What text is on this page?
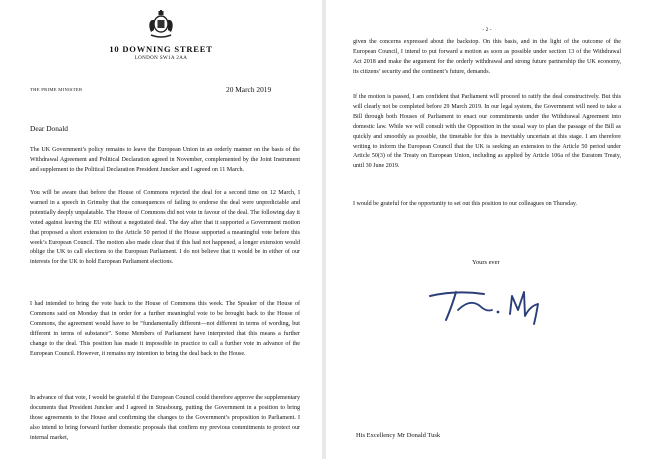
10 DOWNING STREET
LONDON SW1A 2AA
THE PRIME MINISTER	20 March 2019
Dear Donald

The UK Government’s policy remains to leave the European Union in an orderly manner on the basis of the Withdrawal Agreement and Political Declaration agreed in November, complemented by the Joint Instrument and supplement to the Political Declaration President Juncker and I agreed on 11 March.

You will be aware that before the House of Commons rejected the deal for a second time on 12 March, I warned in a speech in Grimsby that the consequences of failing to endorse the deal were unpredictable and potentially deeply unpalatable. The House of Commons did not vote in favour of the deal. The following day it voted against leaving the EU without a negotiated deal. The day after that it supported a Government motion that proposed a short extension to the Article 50 period if the House supported a meaningful vote before this week’s European Council. The motion also made clear that if this had not happened, a longer extension would oblige the UK to call elections to the European Parliament. I do not believe that it would be in either of our interests for the UK to hold European Parliament elections.

I had intended to bring the vote back to the House of Commons this week. The Speaker of the House of Commons said on Monday that in order for a further meaningful vote to be brought back to the House of Commons, the agreement would have to be “fundamentally different—not different in terms of wording, but different in terms of substance”. Some Members of Parliament have interpreted that this means a further change to the deal. This position has made it impossible in practice to call a further vote in advance of the European Council. However, it remains my intention to bring the deal back to the House.

In advance of that vote, I would be grateful if the European Council could therefore approve the supplementary documents that President Juncker and I agreed in Strasbourg, putting the Government in a position to bring those agreements to the House and confirming the changes to the Government’s proposition to Parliament. I also intend to bring forward further domestic proposals that confirm my previous commitments to protect our internal market,

- 2 -

given the concerns expressed about the backstop. On this basis, and in the light of the outcome of the European Council, I intend to put forward a motion as soon as possible under section 13 of the Withdrawal Act 2018 and make the argument for the orderly withdrawal and strong future partnership the UK economy, its citizens’ security and the continent’s future, demands.

If the motion is passed, I am confident that Parliament will proceed to ratify the deal constructively. But this will clearly not be completed before 29 March 2019. In our legal system, the Government will need to take a Bill through both Houses of Parliament to enact our commitments under the Withdrawal Agreement into domestic law. While we will consult with the Opposition in the usual way to plan the passage of the Bill as quickly and smoothly as possible, the timetable for this is inevitably uncertain at this stage. I am therefore writing to inform the European Council that the UK is seeking an extension to the Article 50 period under Article 50(3) of the Treaty on European Union, including as applied by Article 106a of the Euratom Treaty, until 30 June 2019.

I would be grateful for the opportunity to set out this position to our colleagues on Thursday.

Yours ever
His Excellency Mr Donald Tusk
